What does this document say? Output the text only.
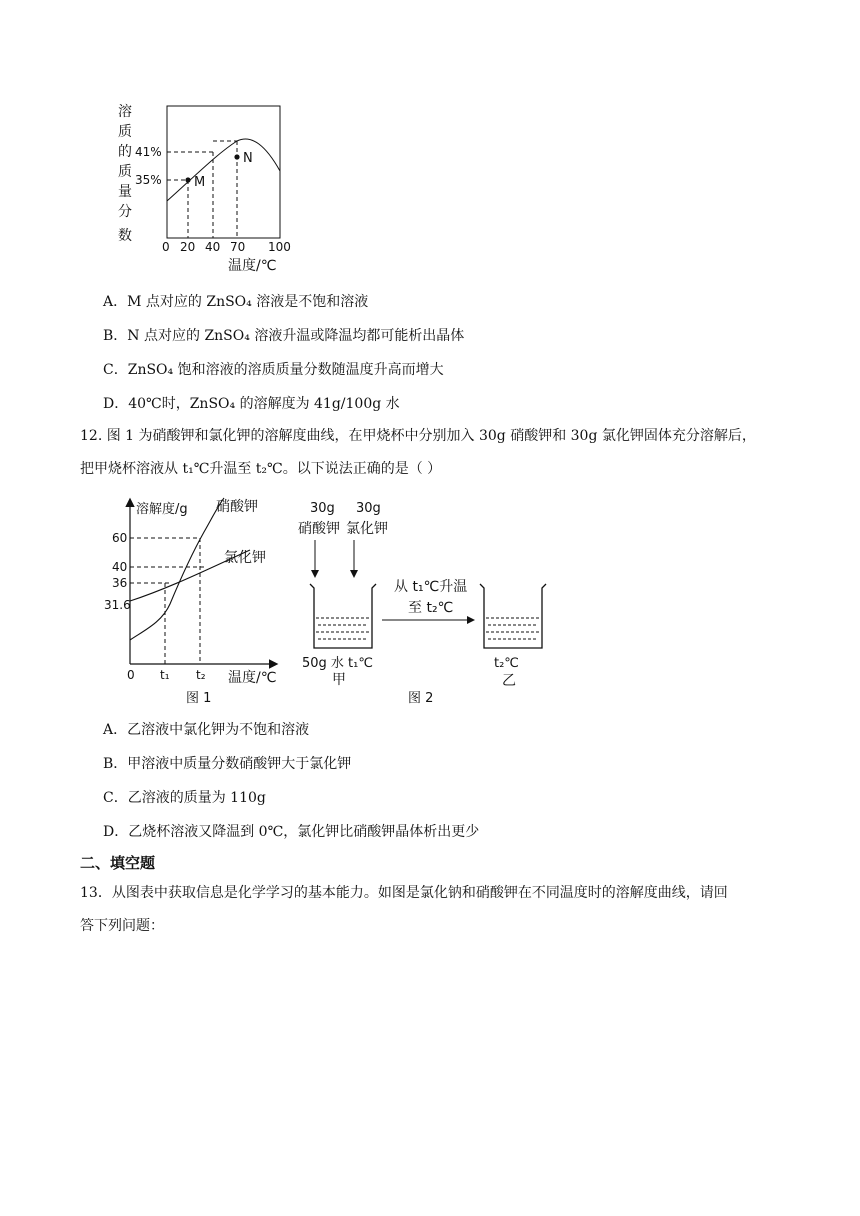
溶
质
的
质
量
分
数
M
N
41%
35%
0 20 40 70 100
温度/℃
A．M 点对应的 ZnSO₄ 溶液是不饱和溶液
B．N 点对应的 ZnSO₄ 溶液升温或降温均都可能析出晶体
C．ZnSO₄ 饱和溶液的溶质质量分数随温度升高而增大
D．40℃时，ZnSO₄ 的溶解度为 41g/100g 水
12. 图 1 为硝酸钾和氯化钾的溶解度曲线，在甲烧杯中分别加入 30g 硝酸钾和 30g 氯化钾固体充分溶解后，
把甲烧杯溶液从 t₁℃升温至 t₂℃。以下说法正确的是（ ）
溶解度/g 硝酸钾
氯化钾
60
40
36
31.6
0 t₁ t₂ 温度/℃
图 1
30g 30g
硝酸钾 氯化钾
50g 水 t₁℃
甲
从 t₁℃升温
至 t₂℃
t₂℃
乙
图 2
A．乙溶液中氯化钾为不饱和溶液
B．甲溶液中质量分数硝酸钾大于氯化钾
C．乙溶液的质量为 110g
D．乙烧杯溶液又降温到 0℃，氯化钾比硝酸钾晶体析出更少
二、填空题
13．从图表中获取信息是化学学习的基本能力。如图是氯化钠和硝酸钾在不同温度时的溶解度曲线，请回
答下列问题：
